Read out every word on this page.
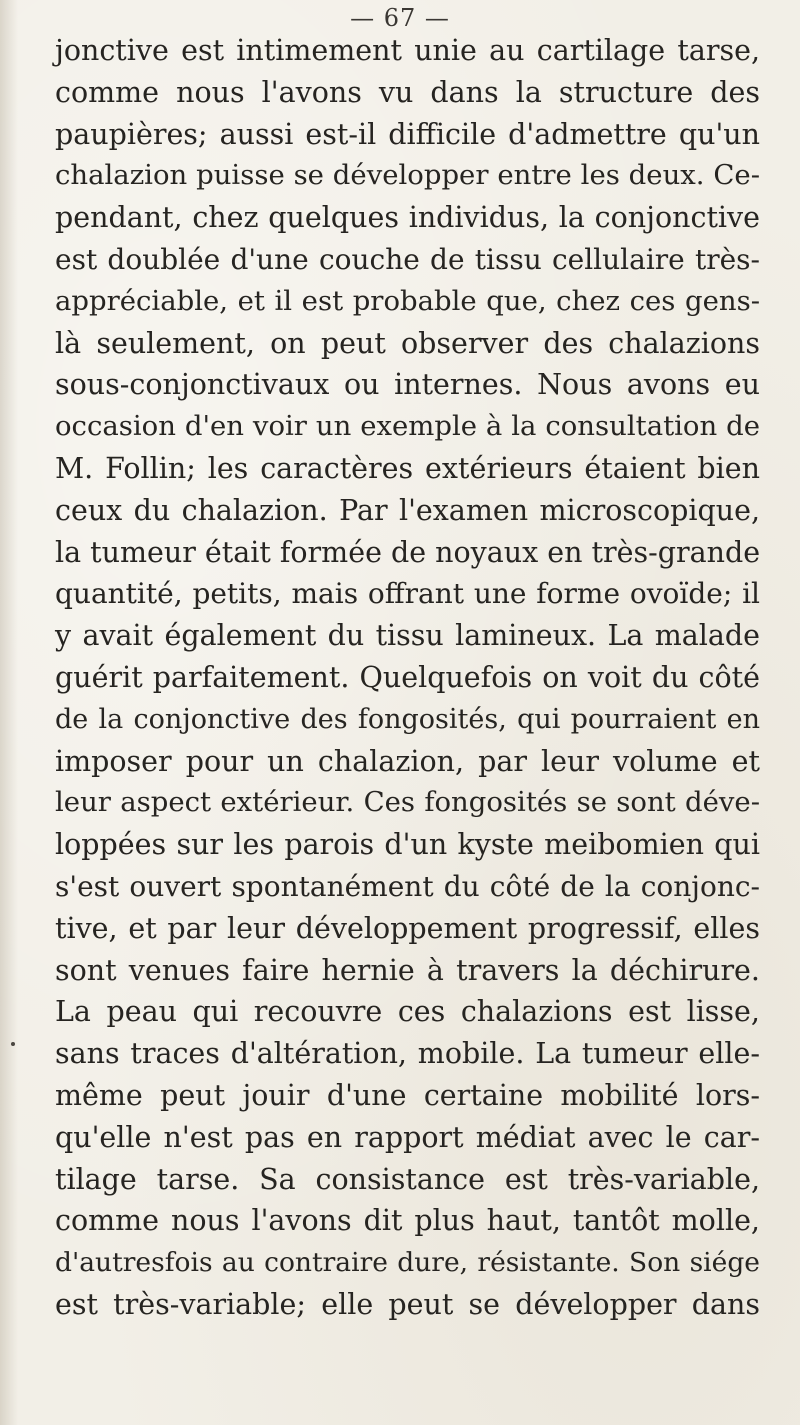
— 67 —
jonctive est intimement unie au cartilage tarse,
comme nous l'avons vu dans la structure des
paupières; aussi est-il difficile d'admettre qu'un
chalazion puisse se développer entre les deux. Ce-
pendant, chez quelques individus, la conjonctive
est doublée d'une couche de tissu cellulaire très-
appréciable, et il est probable que, chez ces gens-
là seulement, on peut observer des chalazions
sous-conjonctivaux ou internes. Nous avons eu
occasion d'en voir un exemple à la consultation de
M. Follin; les caractères extérieurs étaient bien
ceux du chalazion. Par l'examen microscopique,
la tumeur était formée de noyaux en très-grande
quantité, petits, mais offrant une forme ovoïde; il
y avait également du tissu lamineux. La malade
guérit parfaitement. Quelquefois on voit du côté
de la conjonctive des fongosités, qui pourraient en
imposer pour un chalazion, par leur volume et
leur aspect extérieur. Ces fongosités se sont déve-
loppées sur les parois d'un kyste meibomien qui
s'est ouvert spontanément du côté de la conjonc-
tive, et par leur développement progressif, elles
sont venues faire hernie à travers la déchirure.
La peau qui recouvre ces chalazions est lisse,
sans traces d'altération, mobile. La tumeur elle-
même peut jouir d'une certaine mobilité lors-
qu'elle n'est pas en rapport médiat avec le car-
tilage tarse. Sa consistance est très-variable,
comme nous l'avons dit plus haut, tantôt molle,
d'autresfois au contraire dure, résistante. Son siége
est très-variable; elle peut se développer dans
